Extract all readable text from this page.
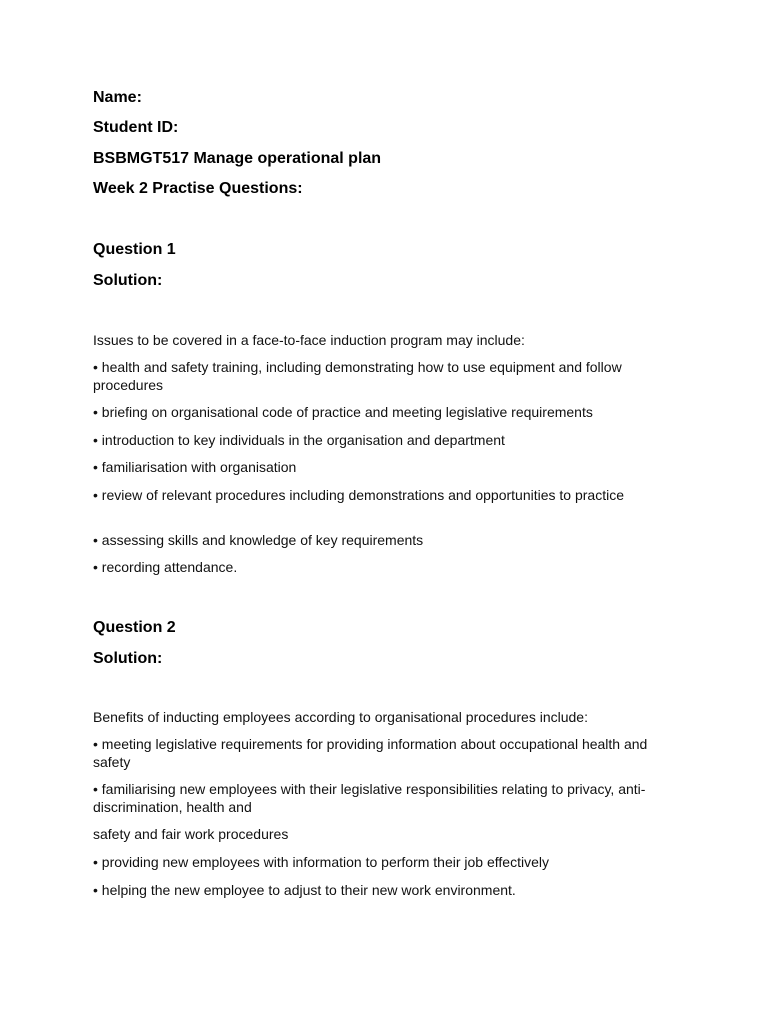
Name:
Student ID:
BSBMGT517 Manage operational plan
Week 2 Practise Questions:
Question 1
Solution:
Issues to be covered in a face-to-face induction program may include:
• health and safety training, including demonstrating how to use equipment and follow procedures
• briefing on organisational code of practice and meeting legislative requirements
• introduction to key individuals in the organisation and department
• familiarisation with organisation
• review of relevant procedures including demonstrations and opportunities to practice
• assessing skills and knowledge of key requirements
• recording attendance.
Question 2
Solution:
Benefits of inducting employees according to organisational procedures include:
• meeting legislative requirements for providing information about occupational health and safety
• familiarising new employees with their legislative responsibilities relating to privacy, anti-discrimination, health and
safety and fair work procedures
• providing new employees with information to perform their job effectively
• helping the new employee to adjust to their new work environment.
